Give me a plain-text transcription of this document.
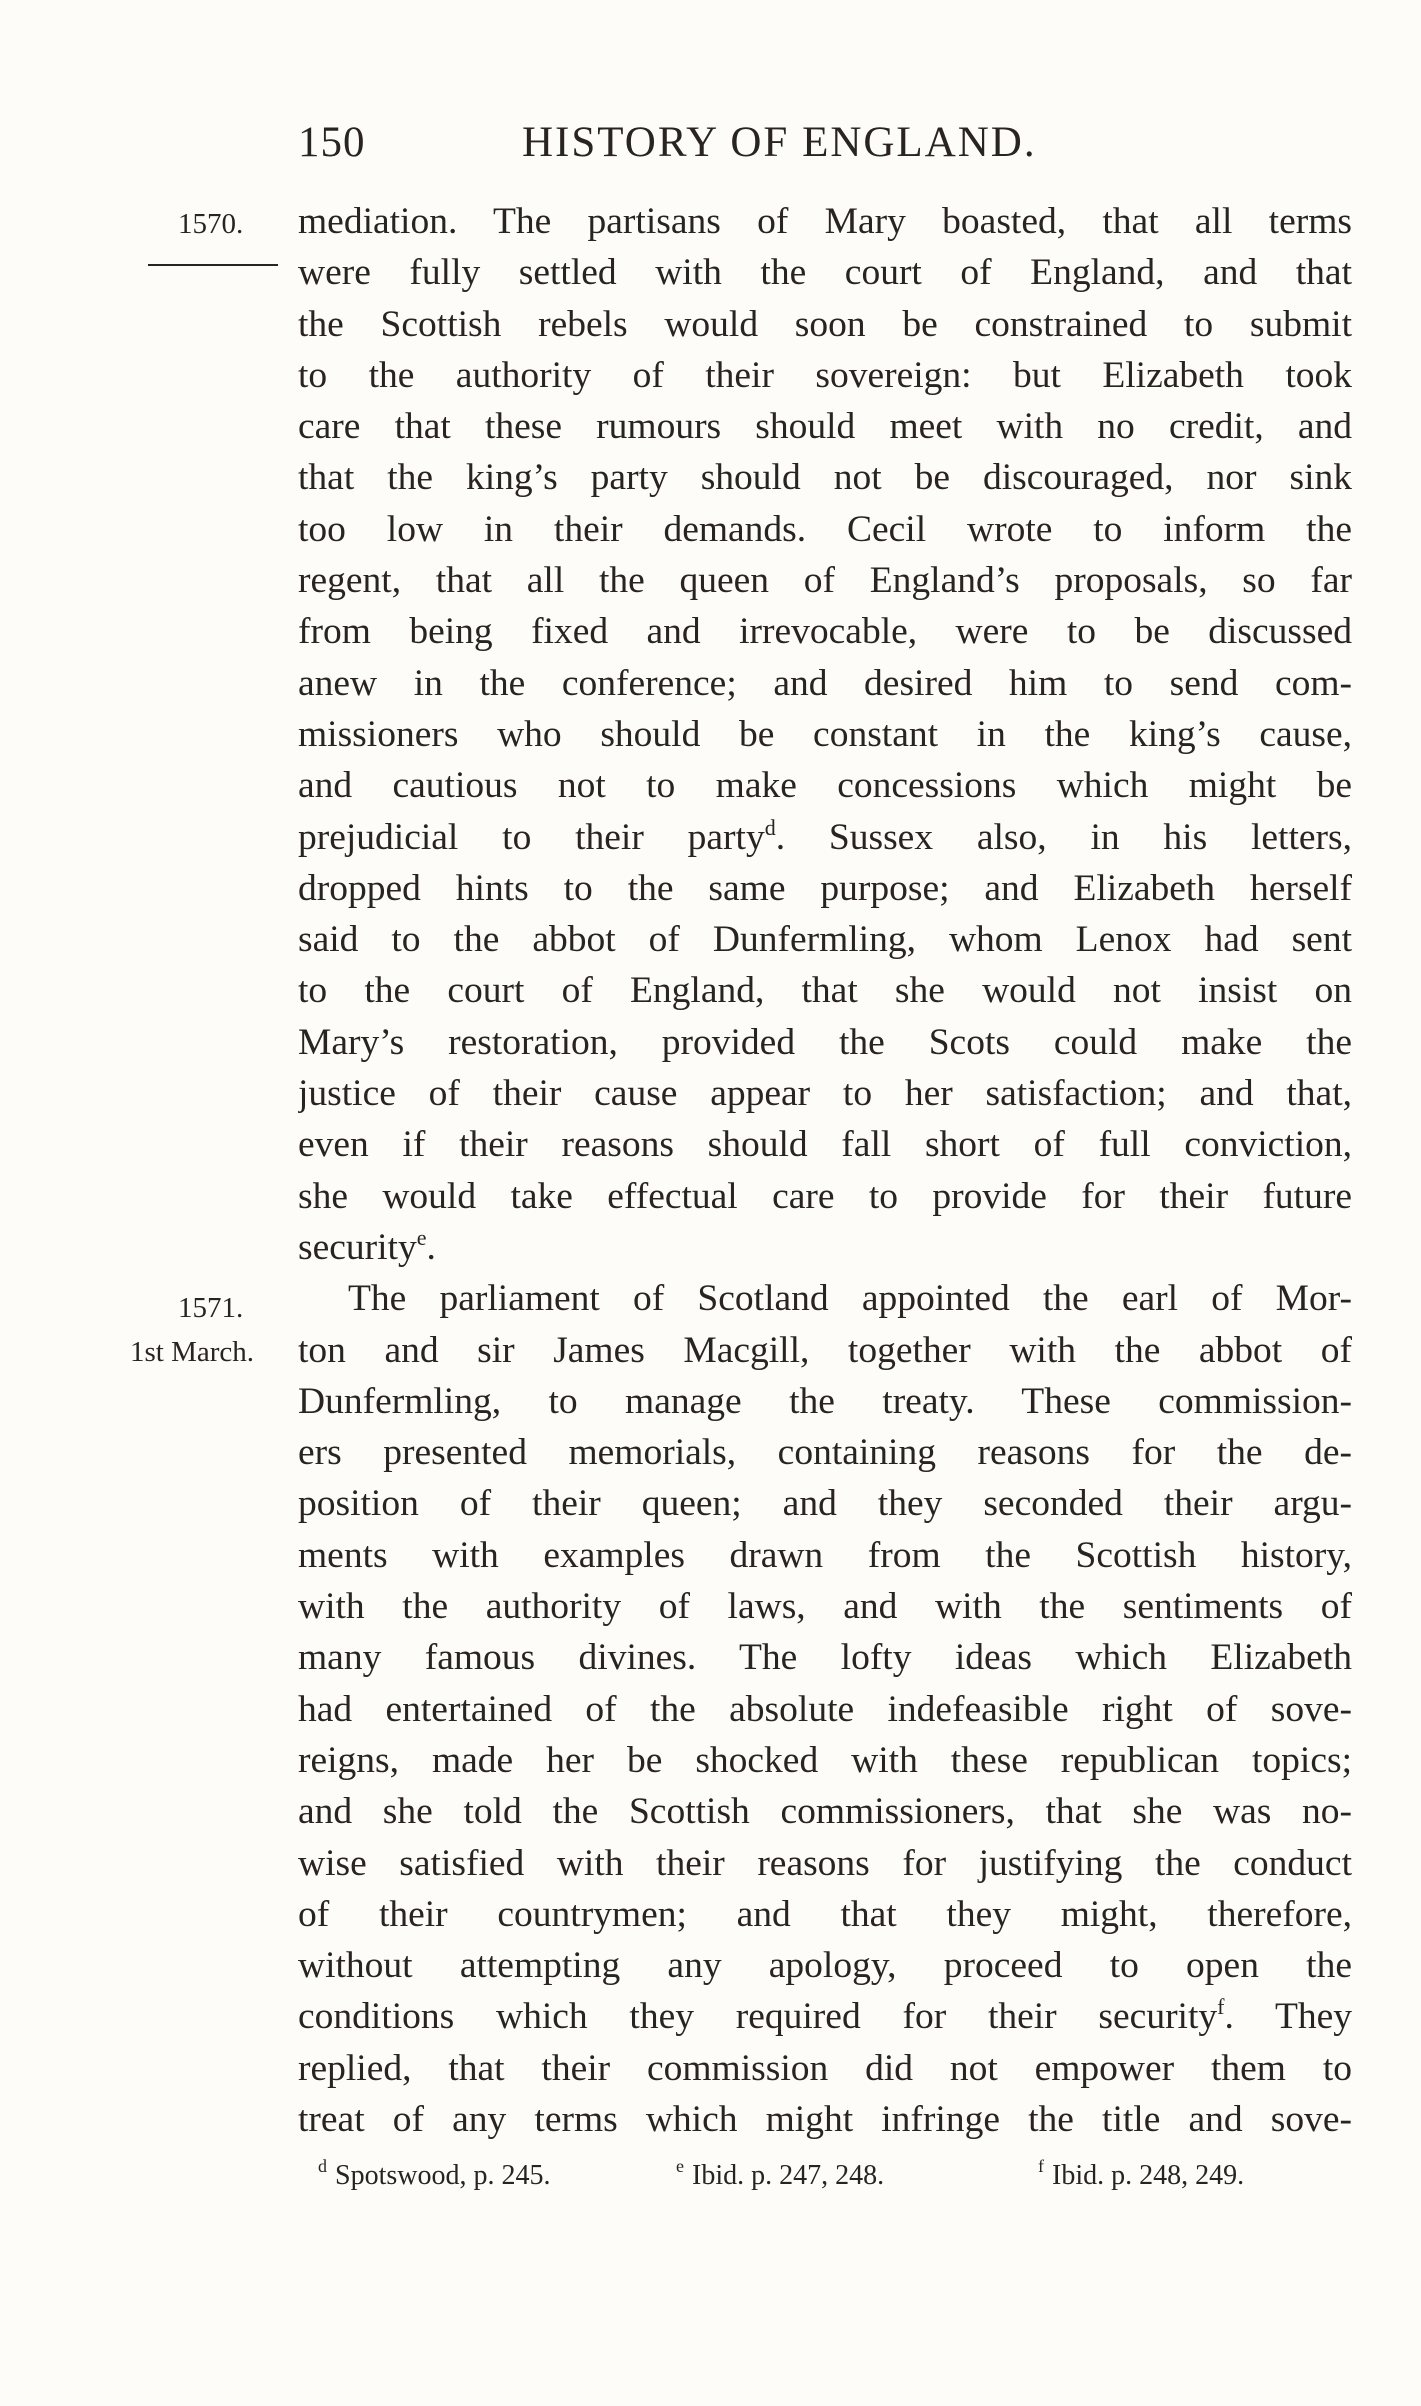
150	HISTORY OF ENGLAND.
1570.
1571.
1st March.
mediation. The partisans of Mary boasted, that all terms
were fully settled with the court of England, and that
the Scottish rebels would soon be constrained to submit
to the authority of their sovereign: but Elizabeth took
care that these rumours should meet with no credit, and
that the king’s party should not be discouraged, nor sink
too low in their demands. Cecil wrote to inform the
regent, that all the queen of England’s proposals, so far
from being fixed and irrevocable, were to be discussed
anew in the conference; and desired him to send com-
missioners who should be constant in the king’s cause,
and cautious not to make concessions which might be
prejudicial to their party$^d$. Sussex also, in his letters,
dropped hints to the same purpose; and Elizabeth herself
said to the abbot of Dunfermling, whom Lenox had sent
to the court of England, that she would not insist on
Mary’s restoration, provided the Scots could make the
justice of their cause appear to her satisfaction; and that,
even if their reasons should fall short of full conviction,
she would take effectual care to provide for their future
security$^e$.
The parliament of Scotland appointed the earl of Mor-
ton and sir James Macgill, together with the abbot of
Dunfermling, to manage the treaty. These commission-
ers presented memorials, containing reasons for the de-
position of their queen; and they seconded their argu-
ments with examples drawn from the Scottish history,
with the authority of laws, and with the sentiments of
many famous divines. The lofty ideas which Elizabeth
had entertained of the absolute indefeasible right of sove-
reigns, made her be shocked with these republican topics;
and she told the Scottish commissioners, that she was no-
wise satisfied with their reasons for justifying the conduct
of their countrymen; and that they might, therefore,
without attempting any apology, proceed to open the
conditions which they required for their security$^f$. They
replied, that their commission did not empower them to
treat of any terms which might infringe the title and sove-
$^d$ Spotswood, p. 245.	$^e$ Ibid. p. 247, 248.	$^f$ Ibid. p. 248, 249.
